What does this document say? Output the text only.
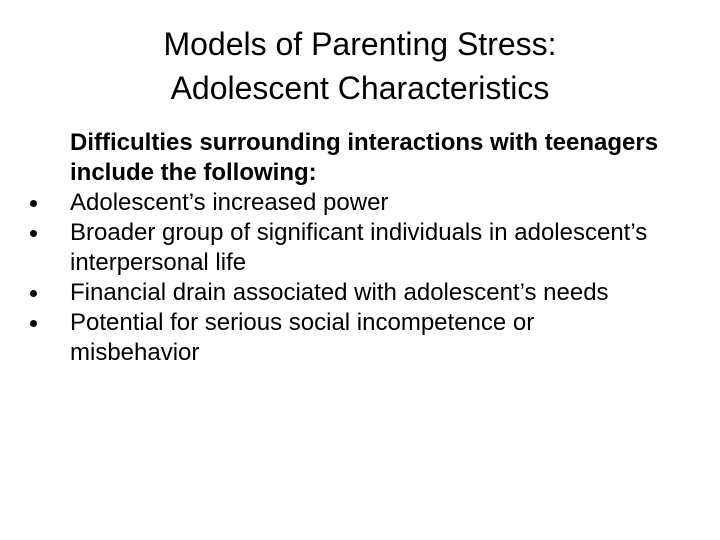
Models of Parenting Stress:
Adolescent Characteristics

Difficulties surrounding interactions with teenagers include the following:

Adolescent’s increased power
Broader group of significant individuals in adolescent’s interpersonal life
Financial drain associated with adolescent’s needs
Potential for serious social incompetence or misbehavior
